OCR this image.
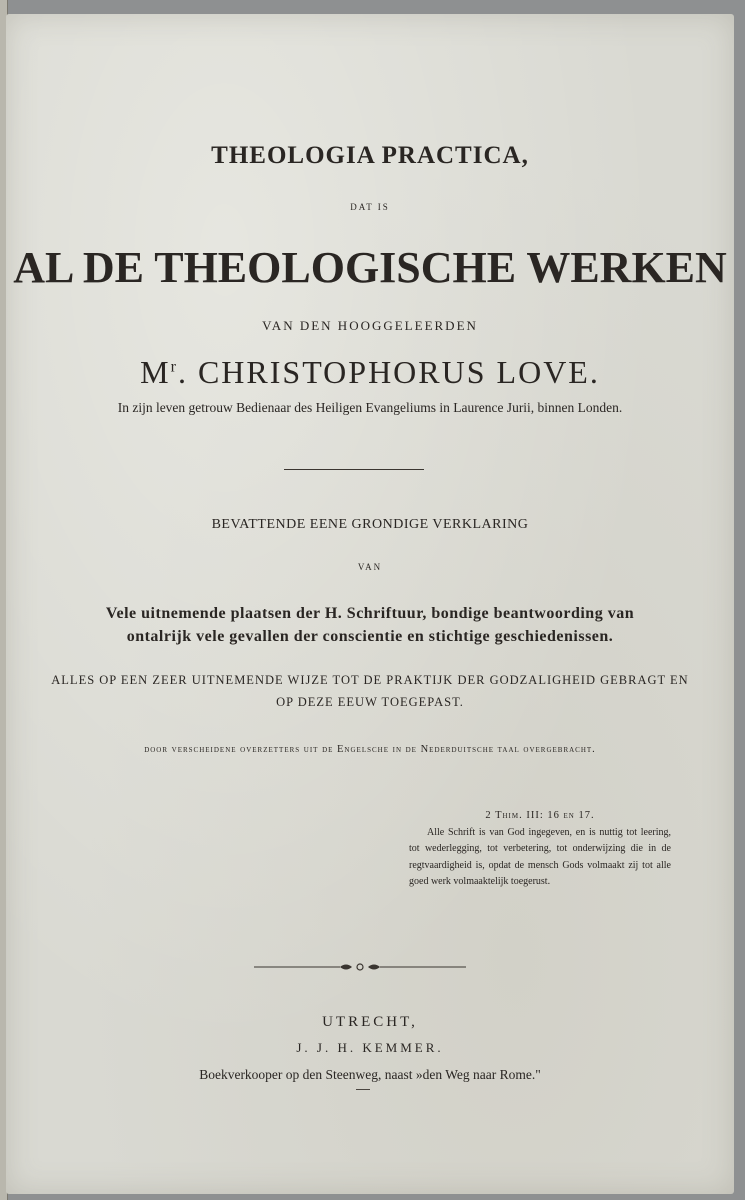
THEOLOGIA PRACTICA,
DAT IS
AL DE THEOLOGISCHE WERKEN
VAN DEN HOOGGELEERDEN
$M^r$. CHRISTOPHORUS LOVE.
In zijn leven getrouw Bedienaar des Heiligen Evangeliums in Laurence Jurii, binnen Londen.
BEVATTENDE EENE GRONDIGE VERKLARING
VAN
Vele uitnemende plaatsen der H. Schriftuur, bondige beantwoording van
ontalrijk vele gevallen der conscientie en stichtige geschiedenissen.
ALLES OP EEN ZEER UITNEMENDE WIJZE TOT DE PRAKTIJK DER GODZALIGHEID GEBRAGT EN
OP DEZE EEUW TOEGEPAST.
door verscheidene overzetters uit de Engelsche in de Nederduitsche taal overgebracht.
2 Thim. III: 16 en 17.

Alle Schrift is van God ingegeven, en is nuttig tot leering, tot wederlegging, tot verbetering, tot onderwijzing die in de regtvaardigheid is, opdat de mensch Gods volmaakt zij tot alle goed werk volmaaktelijk toegerust.

UTRECHT,
J. J. H. KEMMER.
Boekverkooper op den Steenweg, naast »den Weg naar Rome."
